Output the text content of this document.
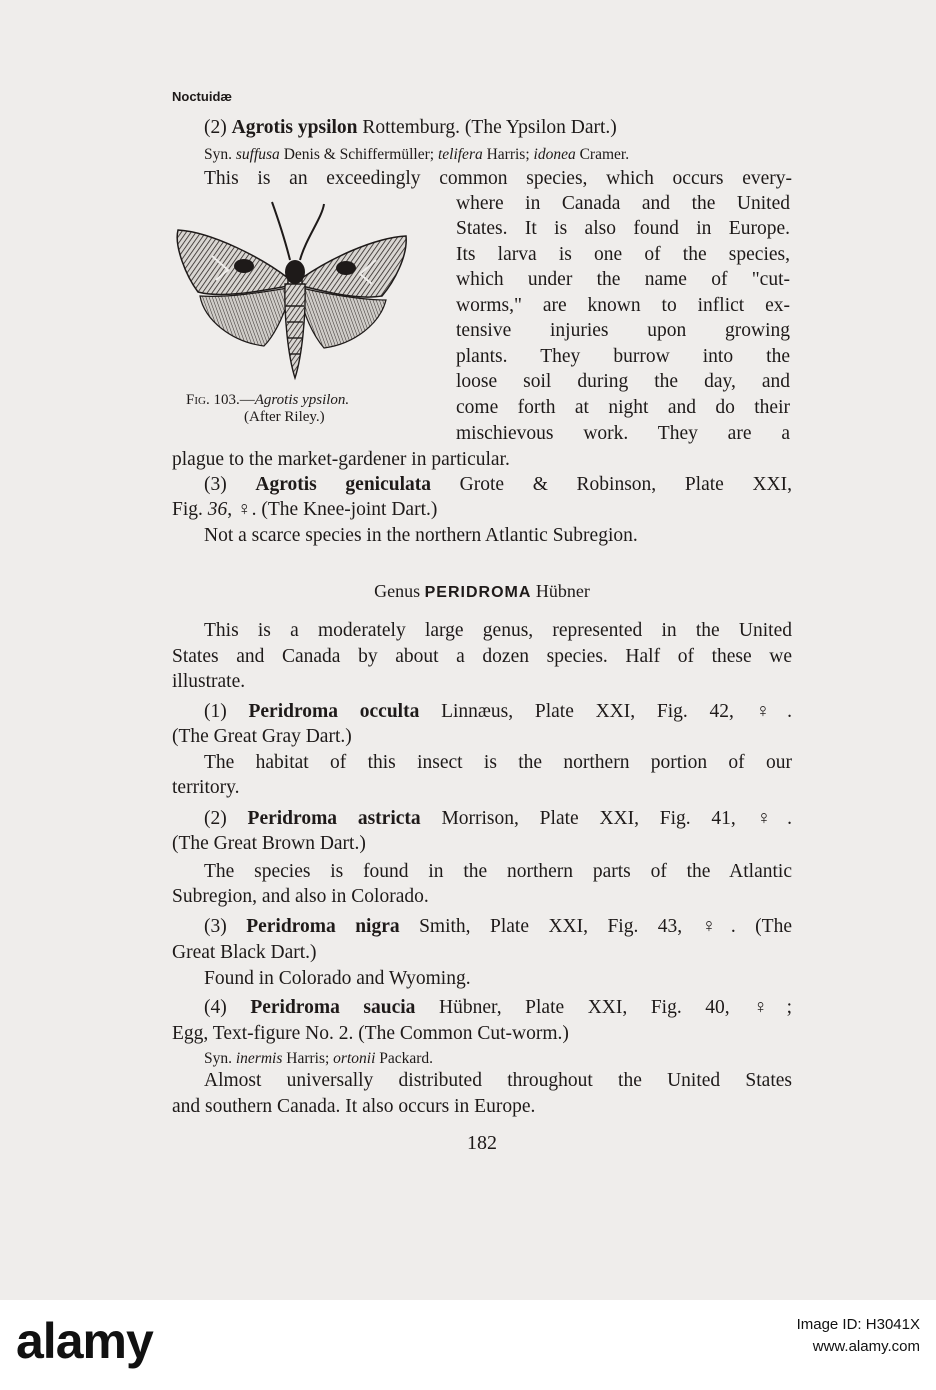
Noctuidæ
(2) Agrotis ypsilon Rottemburg. (The Ypsilon Dart.)
Syn. suffusa Denis & Schiffermüller; telifera Harris; idonea Cramer.
This is an exceedingly common species, which occurs every-
where in Canada and the United
States. It is also found in Europe.
Its larva is one of the species,
which under the name of "cut-
worms," are known to inflict ex-
tensive injuries upon growing
plants. They burrow into the
loose soil during the day, and
come forth at night and do their
mischievous work. They are a
plague to the market-gardener in particular.
Fig. 103.—Agrotis ypsilon.
(After Riley.)
(3) Agrotis geniculata Grote & Robinson, Plate XXI,
Fig. 36, ♀. (The Knee-joint Dart.)
Not a scarce species in the northern Atlantic Subregion.
Genus PERIDROMA Hübner
This is a moderately large genus, represented in the United
States and Canada by about a dozen species. Half of these we
illustrate.
(1) Peridroma occulta Linnæus, Plate XXI, Fig. 42, ♀.
(The Great Gray Dart.)
The habitat of this insect is the northern portion of our
territory.
(2) Peridroma astricta Morrison, Plate XXI, Fig. 41, ♀.
(The Great Brown Dart.)
The species is found in the northern parts of the Atlantic
Subregion, and also in Colorado.
(3) Peridroma nigra Smith, Plate XXI, Fig. 43, ♀. (The
Great Black Dart.)
Found in Colorado and Wyoming.
(4) Peridroma saucia Hübner, Plate XXI, Fig. 40, ♀;
Egg, Text-figure No. 2. (The Common Cut-worm.)
Syn. inermis Harris; ortonii Packard.
Almost universally distributed throughout the United States
and southern Canada. It also occurs in Europe.
182
alamy	Image ID: H3041X
www.alamy.com
